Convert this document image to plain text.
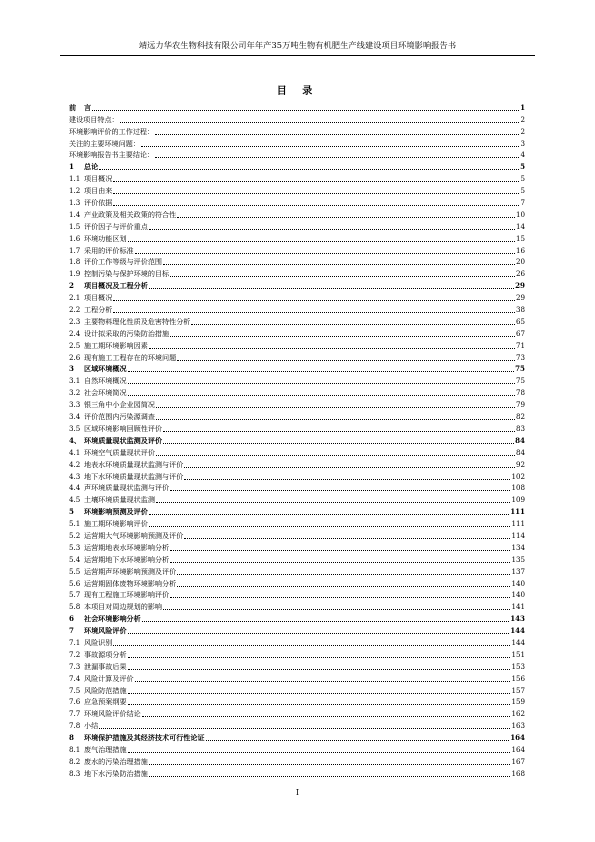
靖远力华农生物科技有限公司年年产35万吨生物有机肥生产线建设项目环境影响报告书
目 录
前	言	1
建设项目特点：	2
环境影响评价的工作过程：	2
关注的主要环境问题：	3
环境影响报告书主要结论：	4
1	总论	5
1.1 项目概况	5
1.2 项目由来	5
1.3 评价依据	7
1.4 产业政策及相关政策的符合性	10
1.5 评价因子与评价重点	14
1.6 环境功能区划	15
1.7 采用的评价标准	16
1.8 评价工作等级与评价范围	20
1.9 控制污染与保护环境的目标	26
2	项目概况及工程分析	29
2.1 项目概况	29
2.2 工程分析	38
2.3 主要物料理化性质及危害特性分析	65
2.4 设计拟采取的污染防治措施	67
2.5 施工期环境影响因素	71
2.6 现有施工工程存在的环境问题	73
3	区域环境概况	75
3.1 自然环境概况	75
3.2 社会环境简况	78
3.3 银三角中小企业园简况	79
3.4 评价范围内污染源调查	82
3.5 区域环境影响回顾性评价	83
4、 环境质量现状监测及评价	84
4.1 环境空气质量现状评价	84
4.2 地表水环境质量现状监测与评价	92
4.3 地下水环境质量现状监测与评价	102
4.4 声环境质量现状监测与评价	108
4.5 土壤环境质量现状监测	109
5	环境影响预测及评价	111
5.1 施工期环境影响评价	111
5.2 运营期大气环境影响预测及评价	114
5.3 运营期地表水环境影响分析	134
5.4 运营期地下水环境影响分析	135
5.5 运营期声环境影响预测及评价	137
5.6 运营期固体废物环境影响分析	140
5.7 现有工程施工环境影响评价	140
5.8 本项目对周边规划的影响	141
6	社会环境影响分析	143
7	环境风险评价	144
7.1 风险识别	144
7.2 事故源项分析	151
7.3 泄漏事故后果	153
7.4 风险计算及评价	156
7.5 风险防范措施	157
7.6 应急预案纲要	159
7.7 环境风险评价结论	162
7.8 小结	163
8	环境保护措施及其经济技术可行性论证	164
8.1 废气治理措施	164
8.2 废水的污染治理措施	167
8.3 地下水污染防治措施	168
I
